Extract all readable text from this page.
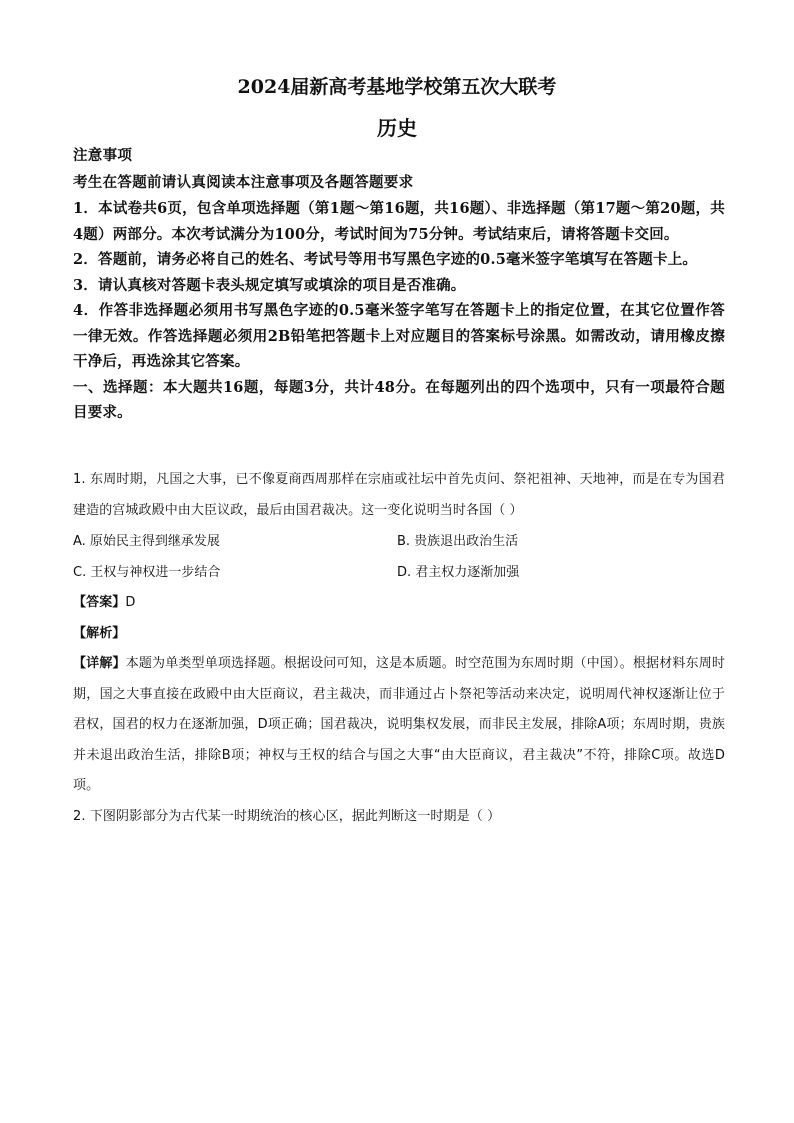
2024届新高考基地学校第五次大联考
历史
注意事项
考生在答题前请认真阅读本注意事项及各题答题要求
1．本试卷共6页，包含单项选择题（第1题～第16题，共16题）、非选择题（第17题～第20题，共4题）两部分。本次考试满分为100分，考试时间为75分钟。考试结束后，请将答题卡交回。
2．答题前，请务必将自己的姓名、考试号等用书写黑色字迹的0.5毫米签字笔填写在答题卡上。
3．请认真核对答题卡表头规定填写或填涂的项目是否准确。
4．作答非选择题必须用书写黑色字迹的0.5毫米签字笔写在答题卡上的指定位置，在其它位置作答一律无效。作答选择题必须用2B铅笔把答题卡上对应题目的答案标号涂黑。如需改动，请用橡皮擦干净后，再选涂其它答案。
一、选择题：本大题共16题，每题3分，共计48分。在每题列出的四个选项中，只有一项最符合题目要求。
1. 东周时期，凡国之大事，已不像夏商西周那样在宗庙或社坛中首先贞问、祭祀祖神、天地神，而是在专为国君建造的宫城政殿中由大臣议政，最后由国君裁决。这一变化说明当时各国（ ）
A. 原始民主得到继承发展	B. 贵族退出政治生活
C. 王权与神权进一步结合	D. 君主权力逐渐加强
【答案】D
【解析】
【详解】本题为单类型单项选择题。根据设问可知，这是本质题。时空范围为东周时期（中国）。根据材料东周时期，国之大事直接在政殿中由大臣商议，君主裁决，而非通过占卜祭祀等活动来决定，说明周代神权逐渐让位于君权，国君的权力在逐渐加强，D项正确；国君裁决，说明集权发展，而非民主发展，排除A项；东周时期，贵族并未退出政治生活，排除B项；神权与王权的结合与国之大事“由大臣商议，君主裁决”不符，排除C项。故选D项。
2. 下图阴影部分为古代某一时期统治的核心区，据此判断这一时期是（ ）
